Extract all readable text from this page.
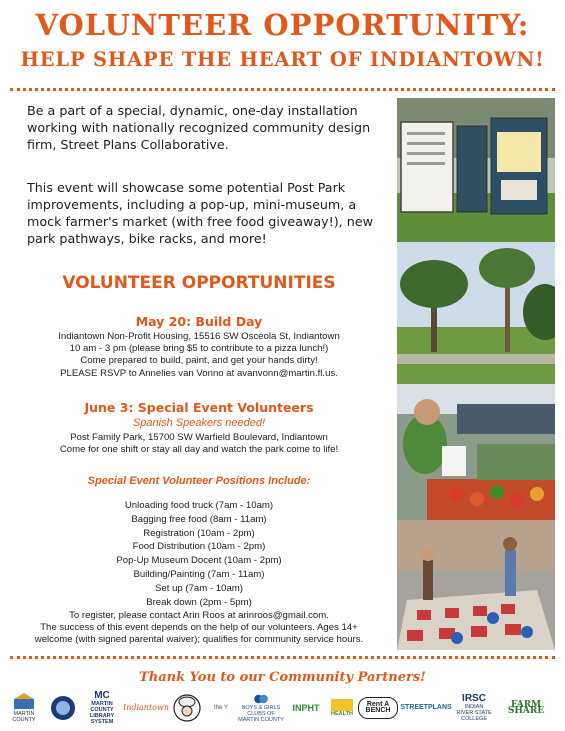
VOLUNTEER OPPORTUNITY:
HELP SHAPE THE HEART OF INDIANTOWN!
Be a part of a special, dynamic, one-day installation working with nationally recognized community design firm, Street Plans Collaborative.
This event will showcase some potential Post Park improvements, including a pop-up, mini-museum, a mock farmer's market (with free food giveaway!), new park pathways, bike racks, and more!
VOLUNTEER OPPORTUNITIES
May 20: Build Day
Indiantown Non-Profit Housing, 15516 SW Osceola St, Indiantown
10 am - 3 pm (please bring $5 to contribute to a pizza lunch!)
Come prepared to build, paint, and get your hands dirty!
PLEASE RSVP to Annelies van Vonno at avanvonn@martin.fl.us.
June 3: Special Event Volunteers
Spanish Speakers needed!
Post Family Park, 15700 SW Warfield Boulevard, Indiantown
Come for one shift or stay all day and watch the park come to life!
Special Event Volunteer Positions Include:
Unloading food truck (7am - 10am)
Bagging free food (8am - 11am)
Registration (10am - 2pm)
Food Distribution (10am - 2pm)
Pop-Up Museum Docent (10am - 2pm)
Building/Painting (7am - 11am)
Set up (7am - 10am)
Break down (2pm - 5pm)
To register, please contact Arin Roos at arinroos@gmail.com.
The success of this event depends on the help of our volunteers. Ages 14+
welcome (with signed parental waiver); qualifies for community service hours.
Thank You to our Community Partners!
MARTIN COUNTY
MC
MARTIN COUNTY LIBRARY SYSTEM
Indiantown	the Y	BOYS & GIRLS CLUBS OF MARTIN COUNTY
INPHT
HEALTH
Rent A BENCH	STREETPLANS
IRSC
INDIAN RIVER STATE COLLEGE
FARM SHARE
